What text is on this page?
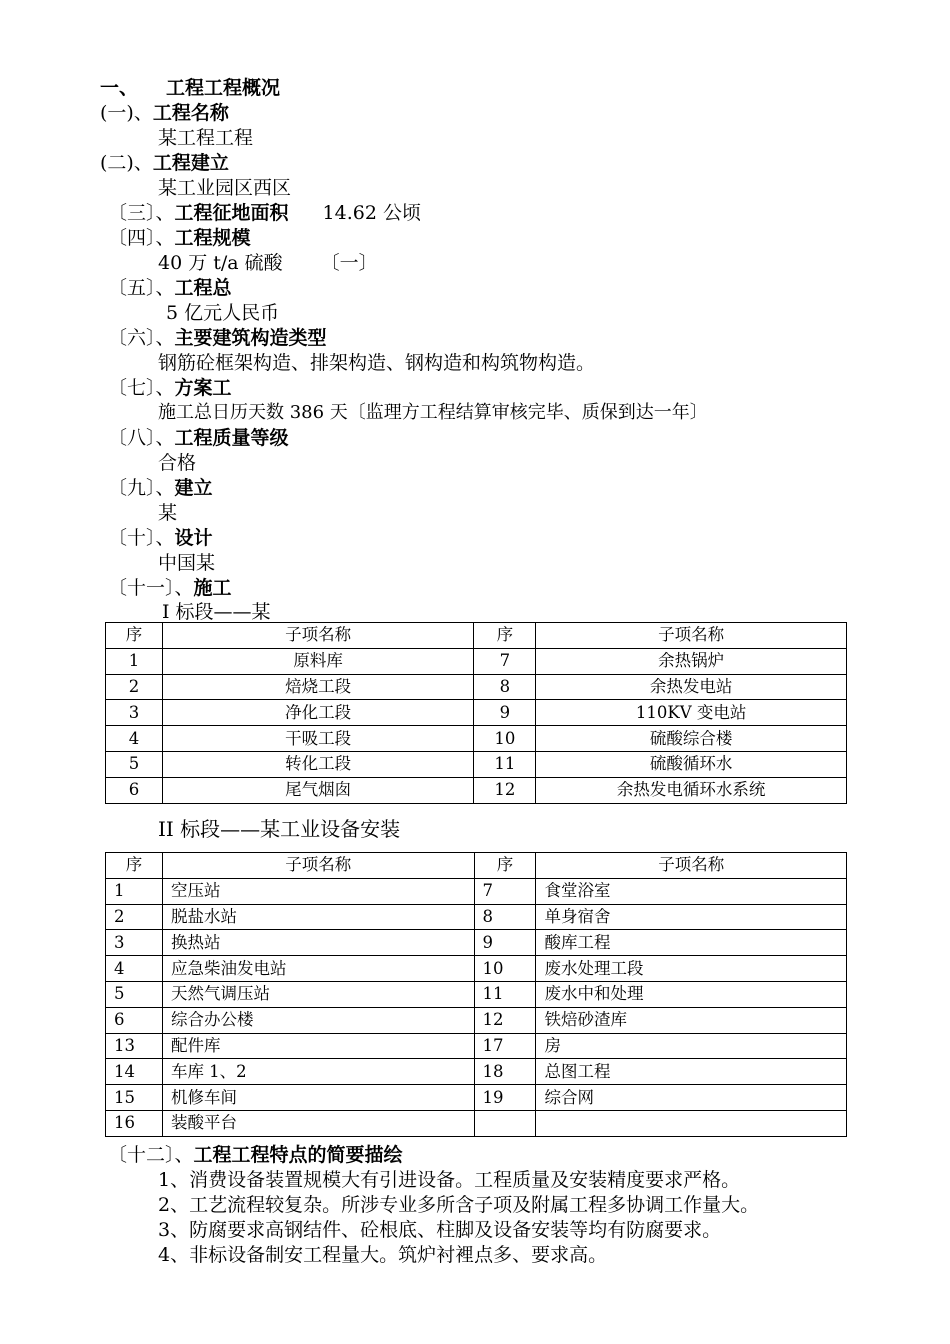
一、 工程工程概况
(一)、工程名称
某工程工程
(二)、工程建立
某工业园区西区
〔三〕、工程征地面积 14.62 公顷
〔四〕、工程规模
40 万 t/a 硫酸 〔一〕
〔五〕、工程总
5 亿元人民币
〔六〕、主要建筑构造类型
钢筋砼框架构造、排架构造、钢构造和构筑物构造。
〔七〕、方案工
施工总日历天数 386 天〔监理方工程结算审核完毕、质保到达一年〕
〔八〕、工程质量等级
合格
〔九〕、建立
某
〔十〕、设计
中国某
〔十一〕、施工
Ⅰ 标段——某
序	子项名称	序	子项名称
1	原料库	7	余热锅炉
2	焙烧工段	8	余热发电站
3	净化工段	9	110KV 变电站
4	干吸工段	10	硫酸综合楼
5	转化工段	11	硫酸循环水
6	尾气烟囱	12	余热发电循环水系统
II 标段——某工业设备安装
序	子项名称	序	子项名称
1	空压站	7	食堂浴室
2	脱盐水站	8	单身宿舍
3	换热站	9	酸库工程
4	应急柴油发电站	10	废水处理工段
5	天然气调压站	11	废水中和处理
6	综合办公楼	12	铁焙砂渣库
13	配件库	17	房
14	车库 1、2	18	总图工程
15	机修车间	19	综合网
16	装酸平台		
〔十二〕、工程工程特点的简要描绘
1、消费设备装置规模大有引进设备。工程质量及安装精度要求严格。
2、工艺流程较复杂。所涉专业多所含子项及附属工程多协调工作量大。
3、防腐要求高钢结件、砼根底、柱脚及设备安装等均有防腐要求。
4、非标设备制安工程量大。筑炉衬裡点多、要求高。
